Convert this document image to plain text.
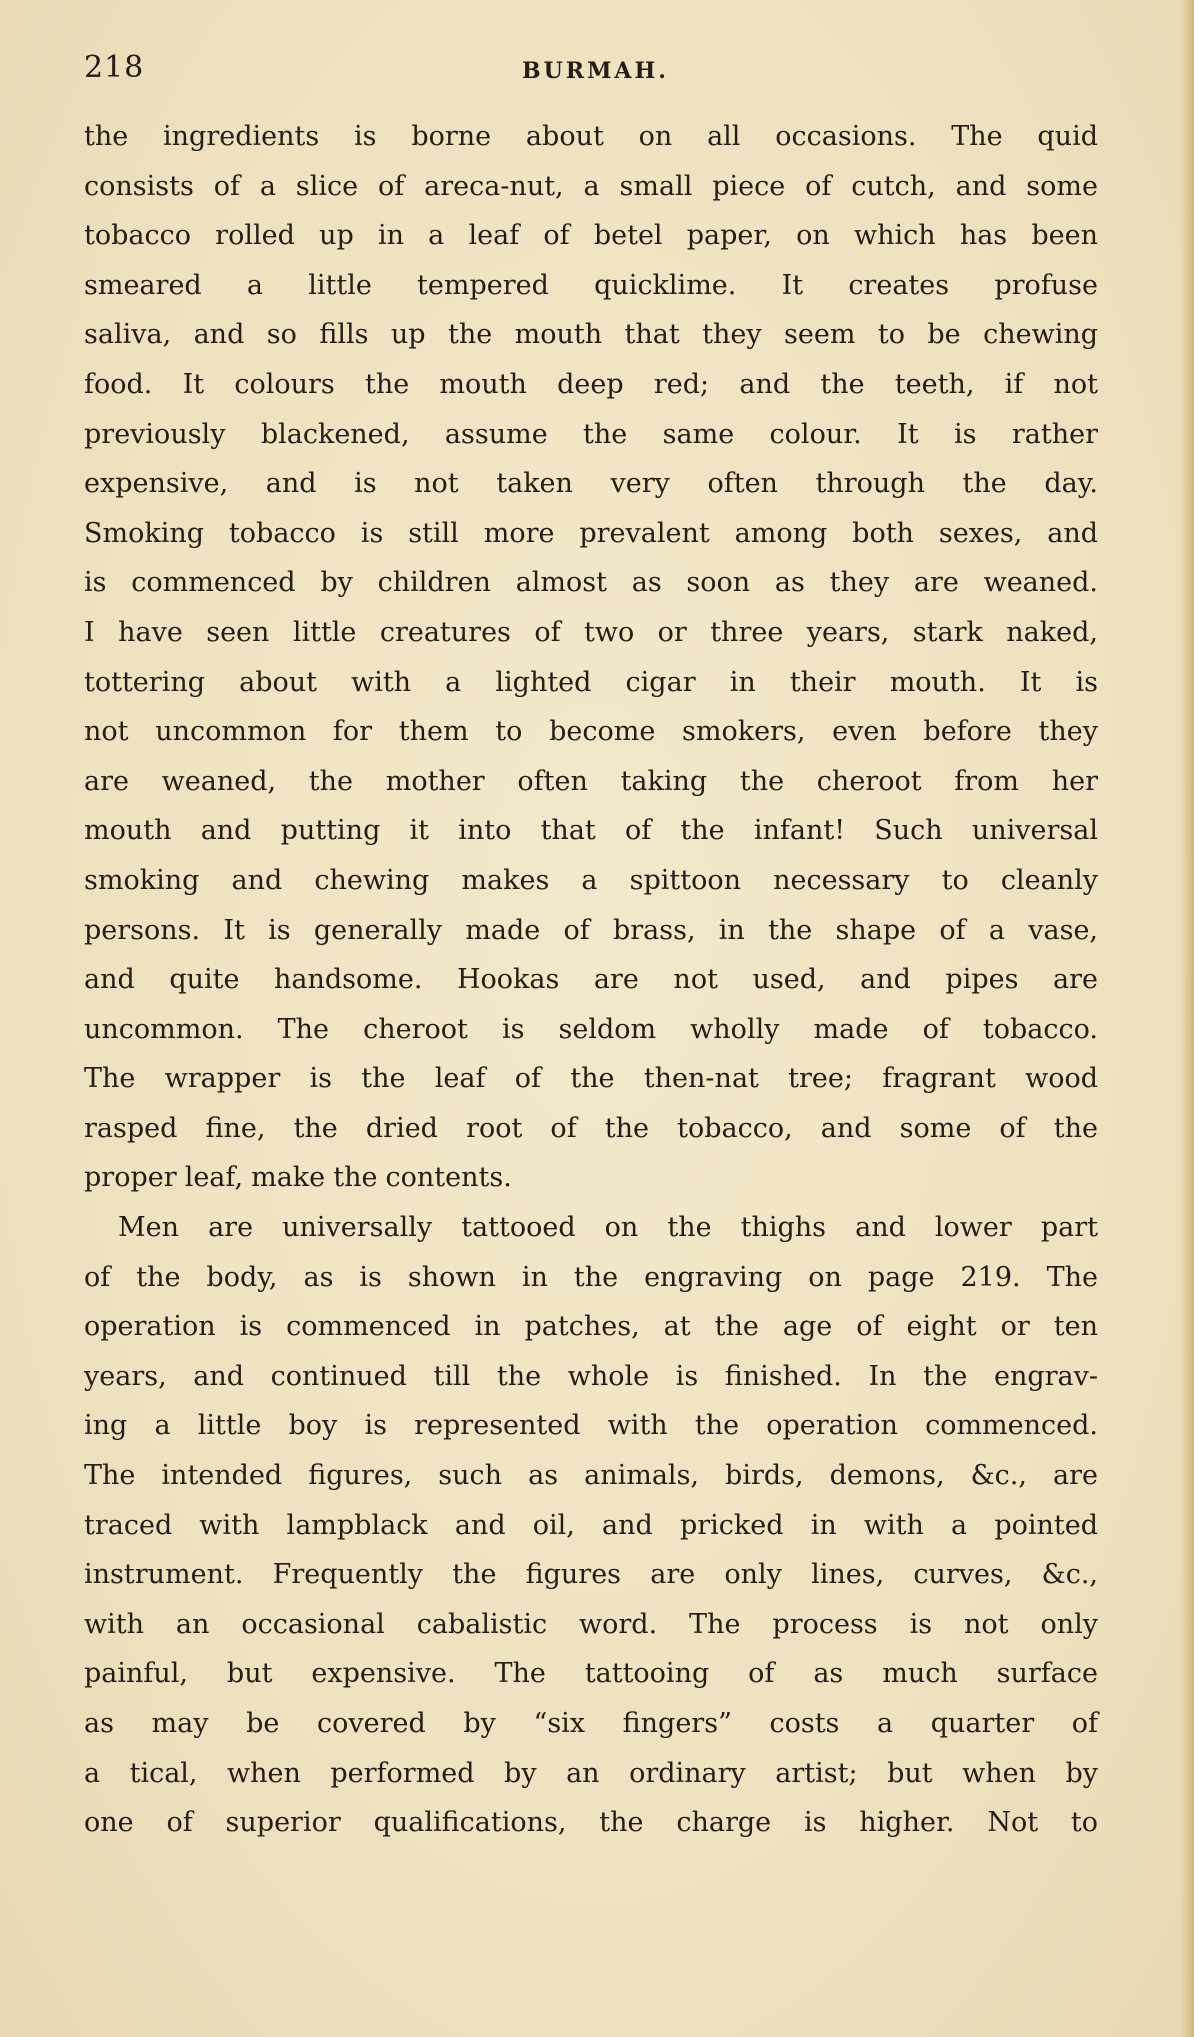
218	BURMAH.
the ingredients is borne about on all occasions. The quid
consists of a slice of areca-nut, a small piece of cutch, and some
tobacco rolled up in a leaf of betel paper, on which has been
smeared a little tempered quicklime. It creates profuse
saliva, and so fills up the mouth that they seem to be chewing
food. It colours the mouth deep red; and the teeth, if not
previously blackened, assume the same colour. It is rather
expensive, and is not taken very often through the day.
Smoking tobacco is still more prevalent among both sexes, and
is commenced by children almost as soon as they are weaned.
I have seen little creatures of two or three years, stark naked,
tottering about with a lighted cigar in their mouth. It is
not uncommon for them to become smokers, even before they
are weaned, the mother often taking the cheroot from her
mouth and putting it into that of the infant! Such universal
smoking and chewing makes a spittoon necessary to cleanly
persons. It is generally made of brass, in the shape of a vase,
and quite handsome. Hookas are not used, and pipes are
uncommon. The cheroot is seldom wholly made of tobacco.
The wrapper is the leaf of the then-nat tree; fragrant wood
rasped fine, the dried root of the tobacco, and some of the
proper leaf, make the contents.
Men are universally tattooed on the thighs and lower part
of the body, as is shown in the engraving on page 219. The
operation is commenced in patches, at the age of eight or ten
years, and continued till the whole is finished. In the engrav-
ing a little boy is represented with the operation commenced.
The intended figures, such as animals, birds, demons, &c., are
traced with lampblack and oil, and pricked in with a pointed
instrument. Frequently the figures are only lines, curves, &c.,
with an occasional cabalistic word. The process is not only
painful, but expensive. The tattooing of as much surface
as may be covered by “six fingers” costs a quarter of
a tical, when performed by an ordinary artist; but when by
one of superior qualifications, the charge is higher. Not to
